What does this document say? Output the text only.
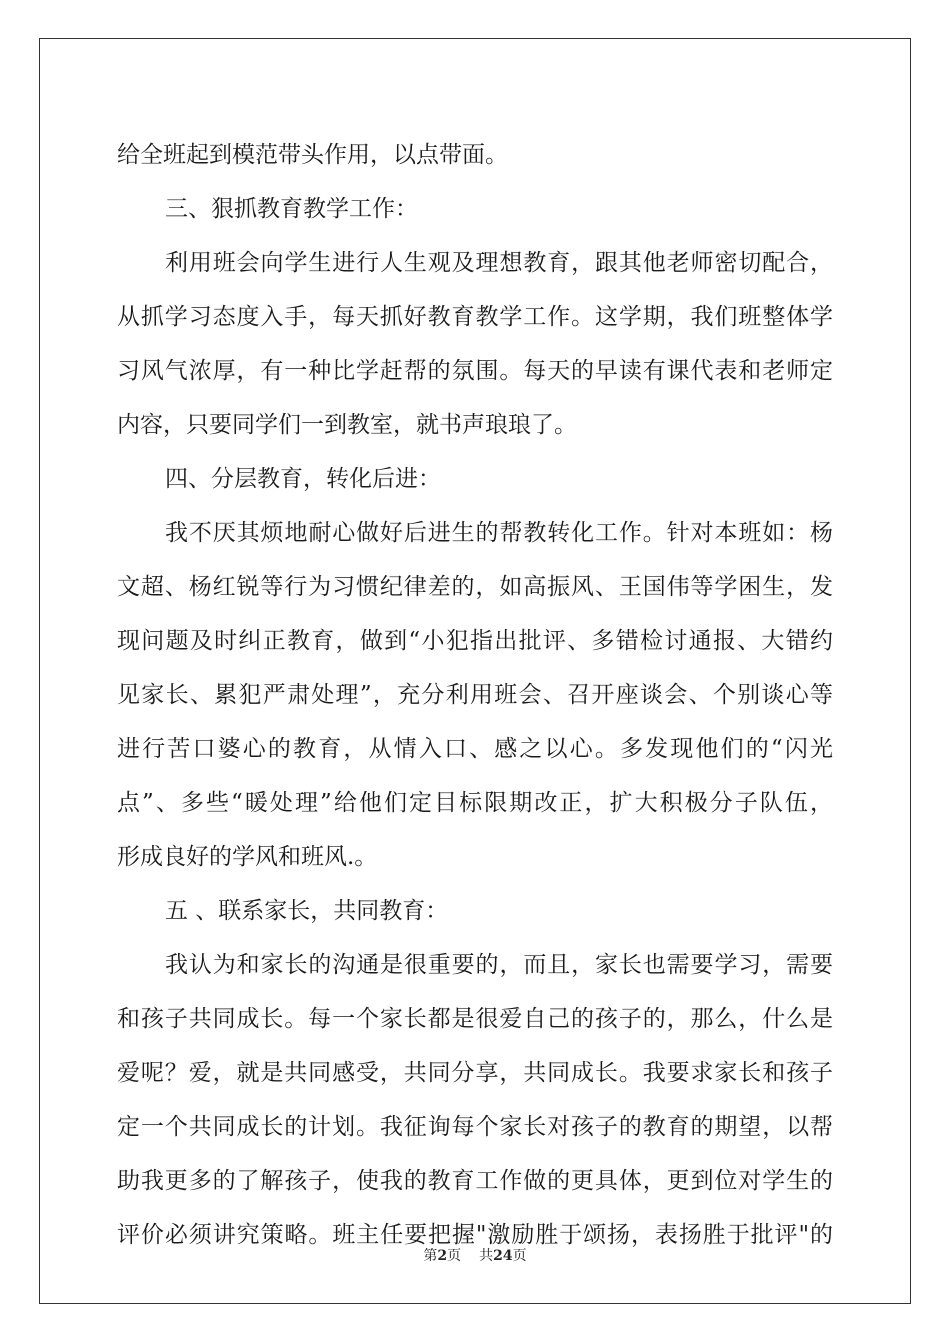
给全班起到模范带头作用，以点带面。
三、狠抓教育教学工作：
利用班会向学生进行人生观及理想教育，跟其他老师密切配合，
从抓学习态度入手，每天抓好教育教学工作。这学期，我们班整体学
习风气浓厚，有一种比学赶帮的氛围。每天的早读有课代表和老师定
内容，只要同学们一到教室，就书声琅琅了。
四、分层教育，转化后进：
我不厌其烦地耐心做好后进生的帮教转化工作。针对本班如：杨
文超、杨红锐等行为习惯纪律差的，如高振风、王国伟等学困生，发
现问题及时纠正教育，做到“小犯指出批评、多错检讨通报、大错约
见家长、累犯严肃处理”，充分利用班会、召开座谈会、个别谈心等
进行苦口婆心的教育，从情入口、感之以心。多发现他们的“闪光
点”、多些“暖处理”给他们定目标限期改正，扩大积极分子队伍，
形成良好的学风和班风.。
五 、联系家长，共同教育：
我认为和家长的沟通是很重要的，而且，家长也需要学习，需要
和孩子共同成长。每一个家长都是很爱自己的孩子的，那么，什么是
爱呢？爱，就是共同感受，共同分享，共同成长。我要求家长和孩子
定一个共同成长的计划。我征询每个家长对孩子的教育的期望，以帮
助我更多的了解孩子，使我的教育工作做的更具体，更到位对学生的
评价必须讲究策略。班主任要把握"激励胜于颂扬，表扬胜于批评"的
第2页 共24页
